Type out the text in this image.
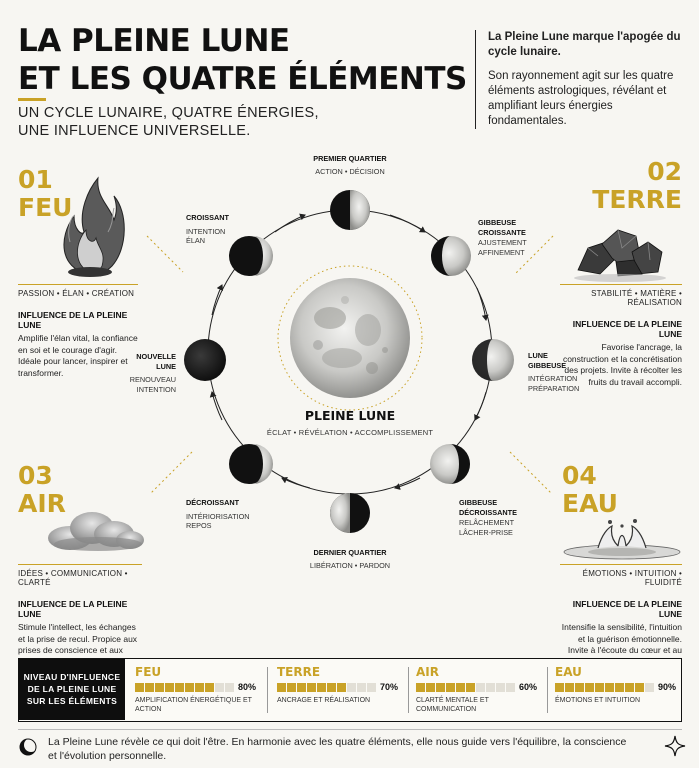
LA PLEINE LUNE
ET LES QUATRE ÉLÉMENTS
UN CYCLE LUNAIRE, QUATRE ÉNERGIES,
UNE INFLUENCE UNIVERSELLE.
La Pleine Lune marque l'apogée du cycle lunaire.
Son rayonnement agit sur les quatre éléments astrologiques, révélant et amplifiant leurs énergies fondamentales.
PREMIER QUARTIER
ACTION • DÉCISION
GIBBEUSE CROISSANTE
AJUSTEMENT AFFINEMENT
LUNE GIBBEUSE
INTÉGRATION PRÉPARATION
GIBBEUSE DÉCROISSANTE
RELÂCHEMENT LÂCHER-PRISE
DERNIER QUARTIER
LIBÉRATION • PARDON
DÉCROISSANT
INTÉRIORISATION REPOS
NOUVELLE LUNE
RENOUVEAU INTENTION
CROISSANT
INTENTION ÉLAN
PLEINE LUNE
ÉCLAT • RÉVÉLATION • ACCOMPLISSEMENT
01
FEU
PASSION • ÉLAN • CRÉATION
INFLUENCE DE LA PLEINE LUNE
Amplifie l'élan vital, la confiance en soi et le courage d'agir. Idéale pour lancer, inspirer et transformer.
02
TERRE
STABILITÉ • MATIÈRE • RÉALISATION
INFLUENCE DE LA PLEINE LUNE
Favorise l'ancrage, la construction et la concrétisation des projets. Invite à récolter les fruits du travail accompli.
03
AIR
IDÉES • COMMUNICATION • CLARTÉ
INFLUENCE DE LA PLEINE LUNE
Stimule l'intellect, les échanges et la prise de recul. Propice aux prises de conscience et aux
04
EAU
ÉMOTIONS • INTUITION • FLUIDITÉ
INFLUENCE DE LA PLEINE LUNE
Intensifie la sensibilité, l'intuition et la guérison émotionnelle. Invite à l'écoute du cœur et au
NIVEAU D'INFLUENCE DE LA PLEINE LUNE SUR LES ÉLÉMENTS
FEU
80%
AMPLIFICATION ÉNERGÉTIQUE ET ACTION
TERRE
70%
ANCRAGE ET RÉALISATION
AIR
60%
CLARTÉ MENTALE ET COMMUNICATION
EAU
90%
ÉMOTIONS ET INTUITION
La Pleine Lune révèle ce qui doit l'être. En harmonie avec les quatre éléments, elle nous guide vers l'équilibre, la conscience et l'évolution personnelle.
